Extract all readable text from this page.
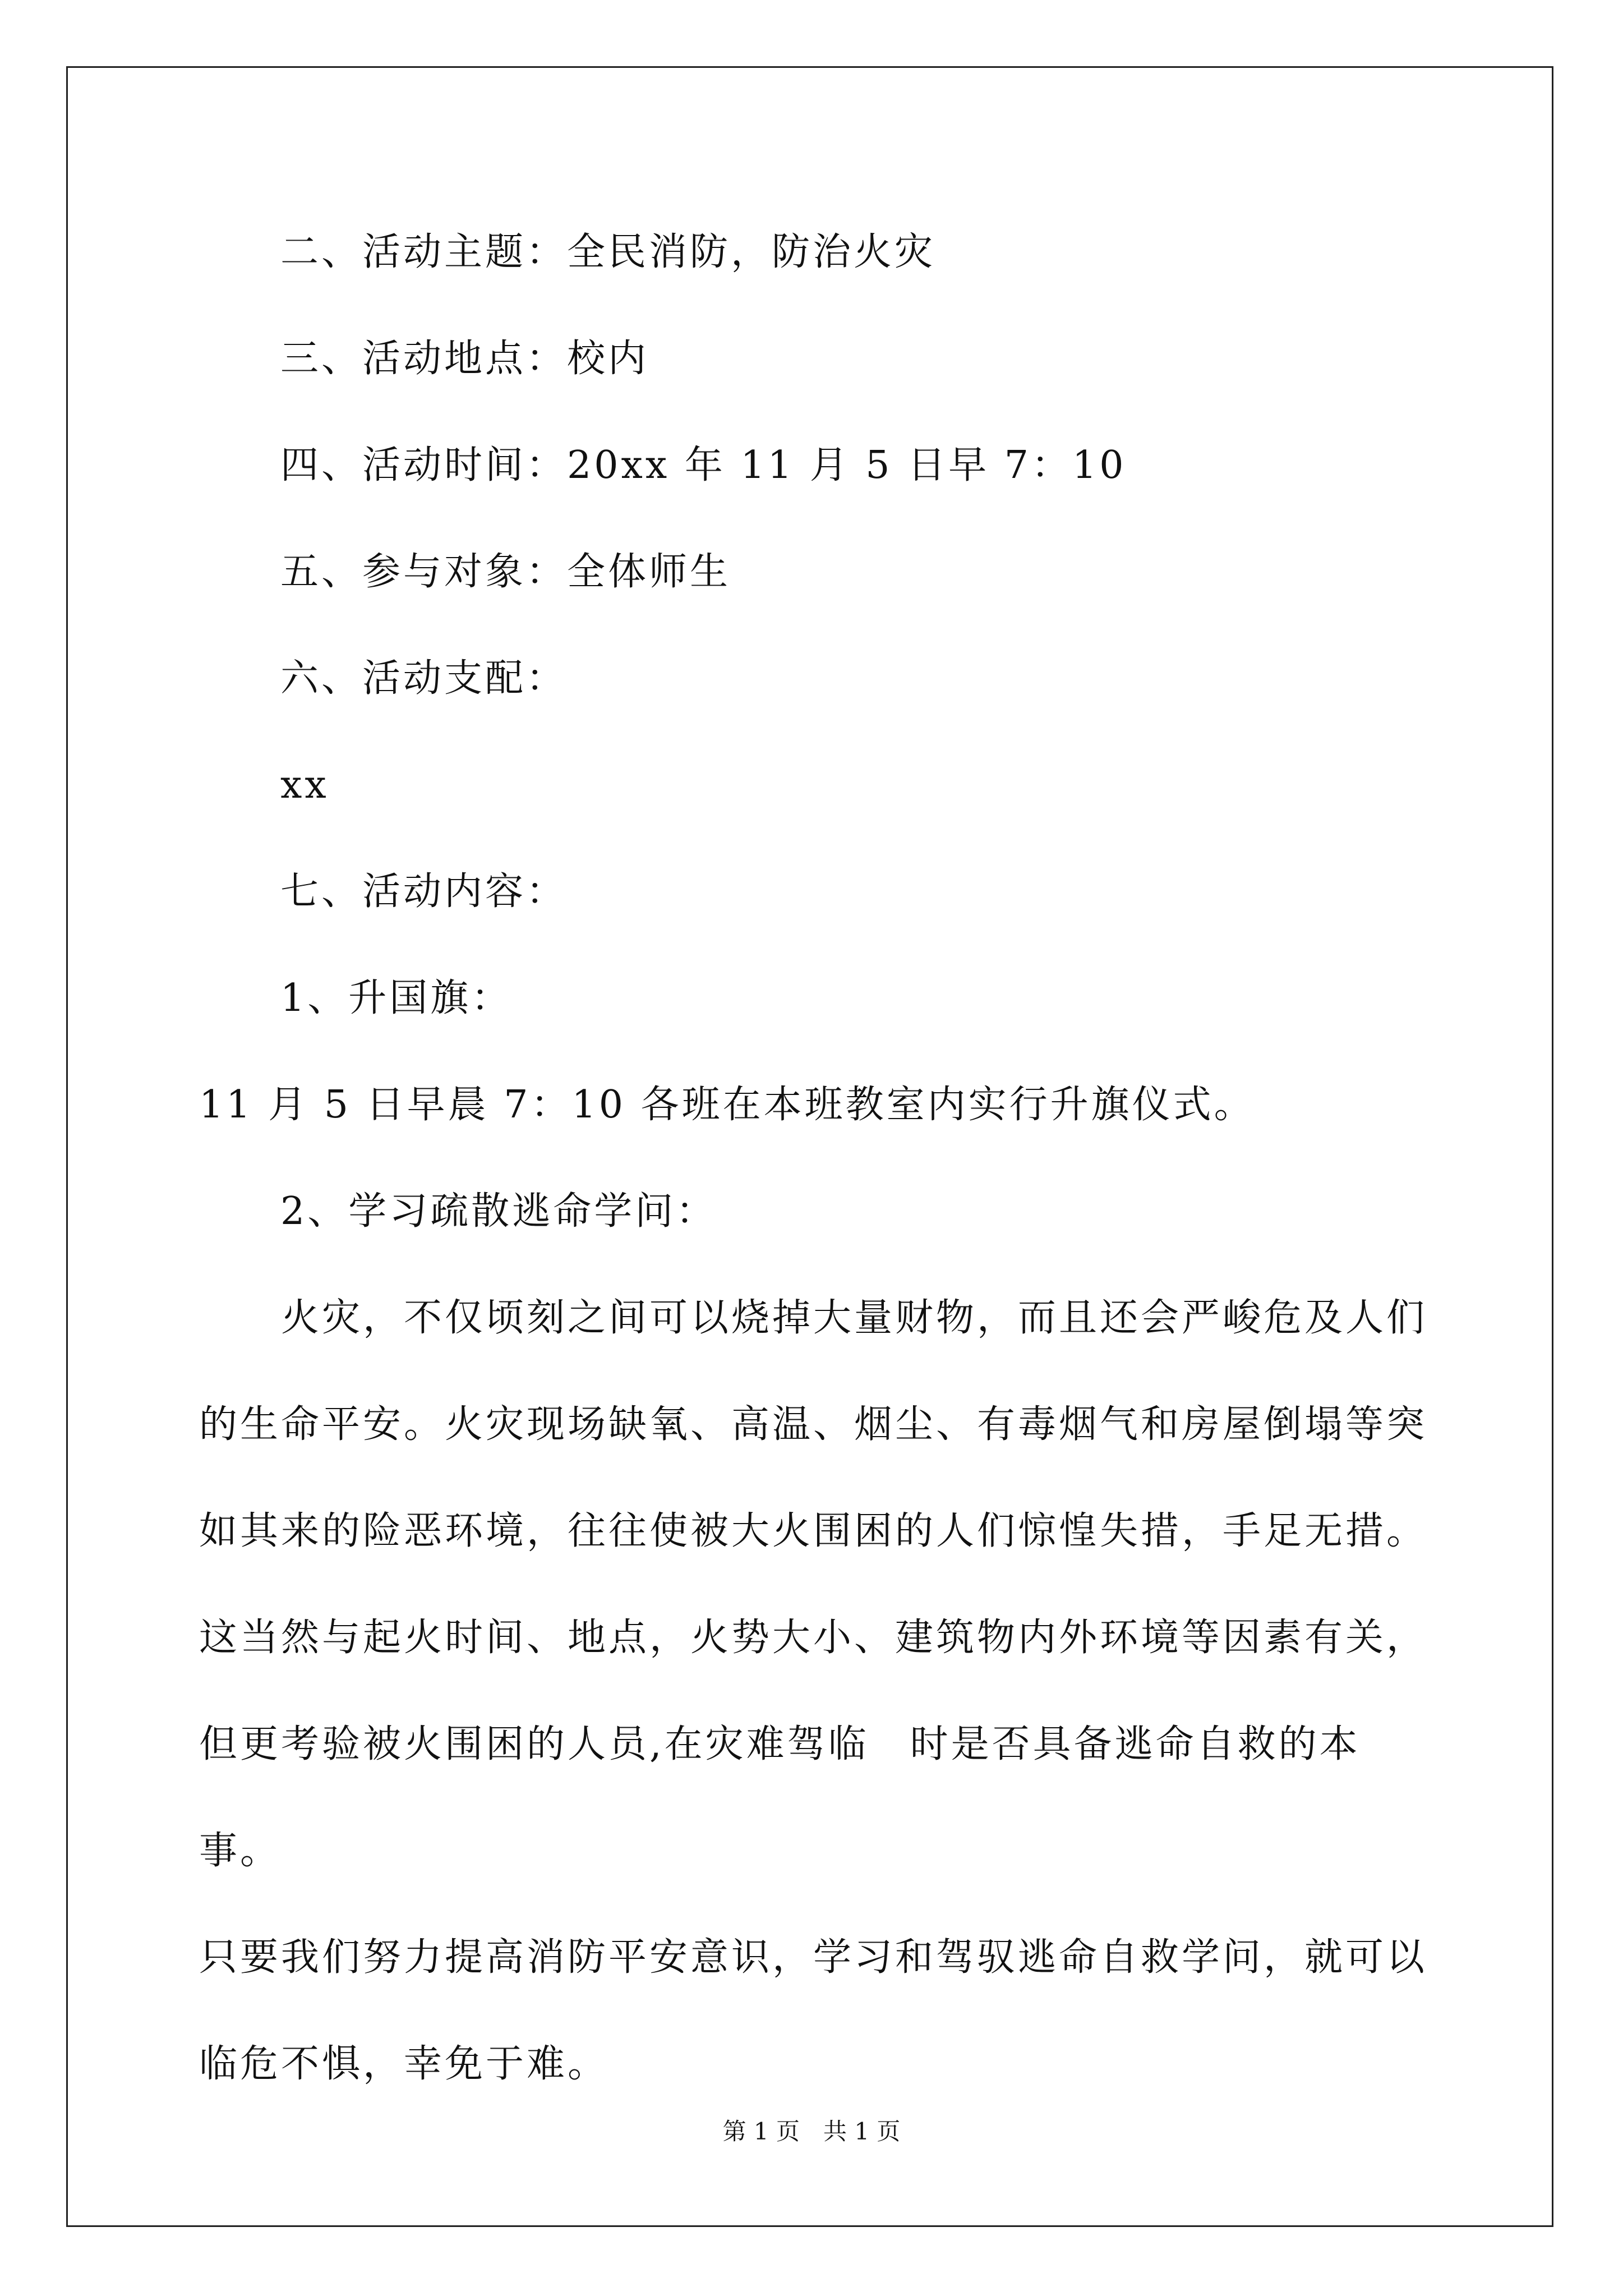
二、活动主题：全民消防，防治火灾
三、活动地点：校内
四、活动时间：20xx 年 11 月 5 日早 7：10
五、参与对象：全体师生
六、活动支配：
xx
七、活动内容：
1、升国旗：
11 月 5 日早晨 7：10 各班在本班教室内实行升旗仪式。
2、学习疏散逃命学问：
　　火灾，不仅顷刻之间可以烧掉大量财物，而且还会严峻危及人们
的生命平安。火灾现场缺氧、高温、烟尘、有毒烟气和房屋倒塌等突
如其来的险恶环境，往往使被大火围困的人们惊惶失措，手足无措。
这当然与起火时间、地点，火势大小、建筑物内外环境等因素有关，
但更考验被火围困的人员,在灾难驾临　时是否具备逃命自救的本事。
只要我们努力提高消防平安意识，学习和驾驭逃命自救学问，就可以
临危不惧，幸免于难。
第 1 页　共 1 页
